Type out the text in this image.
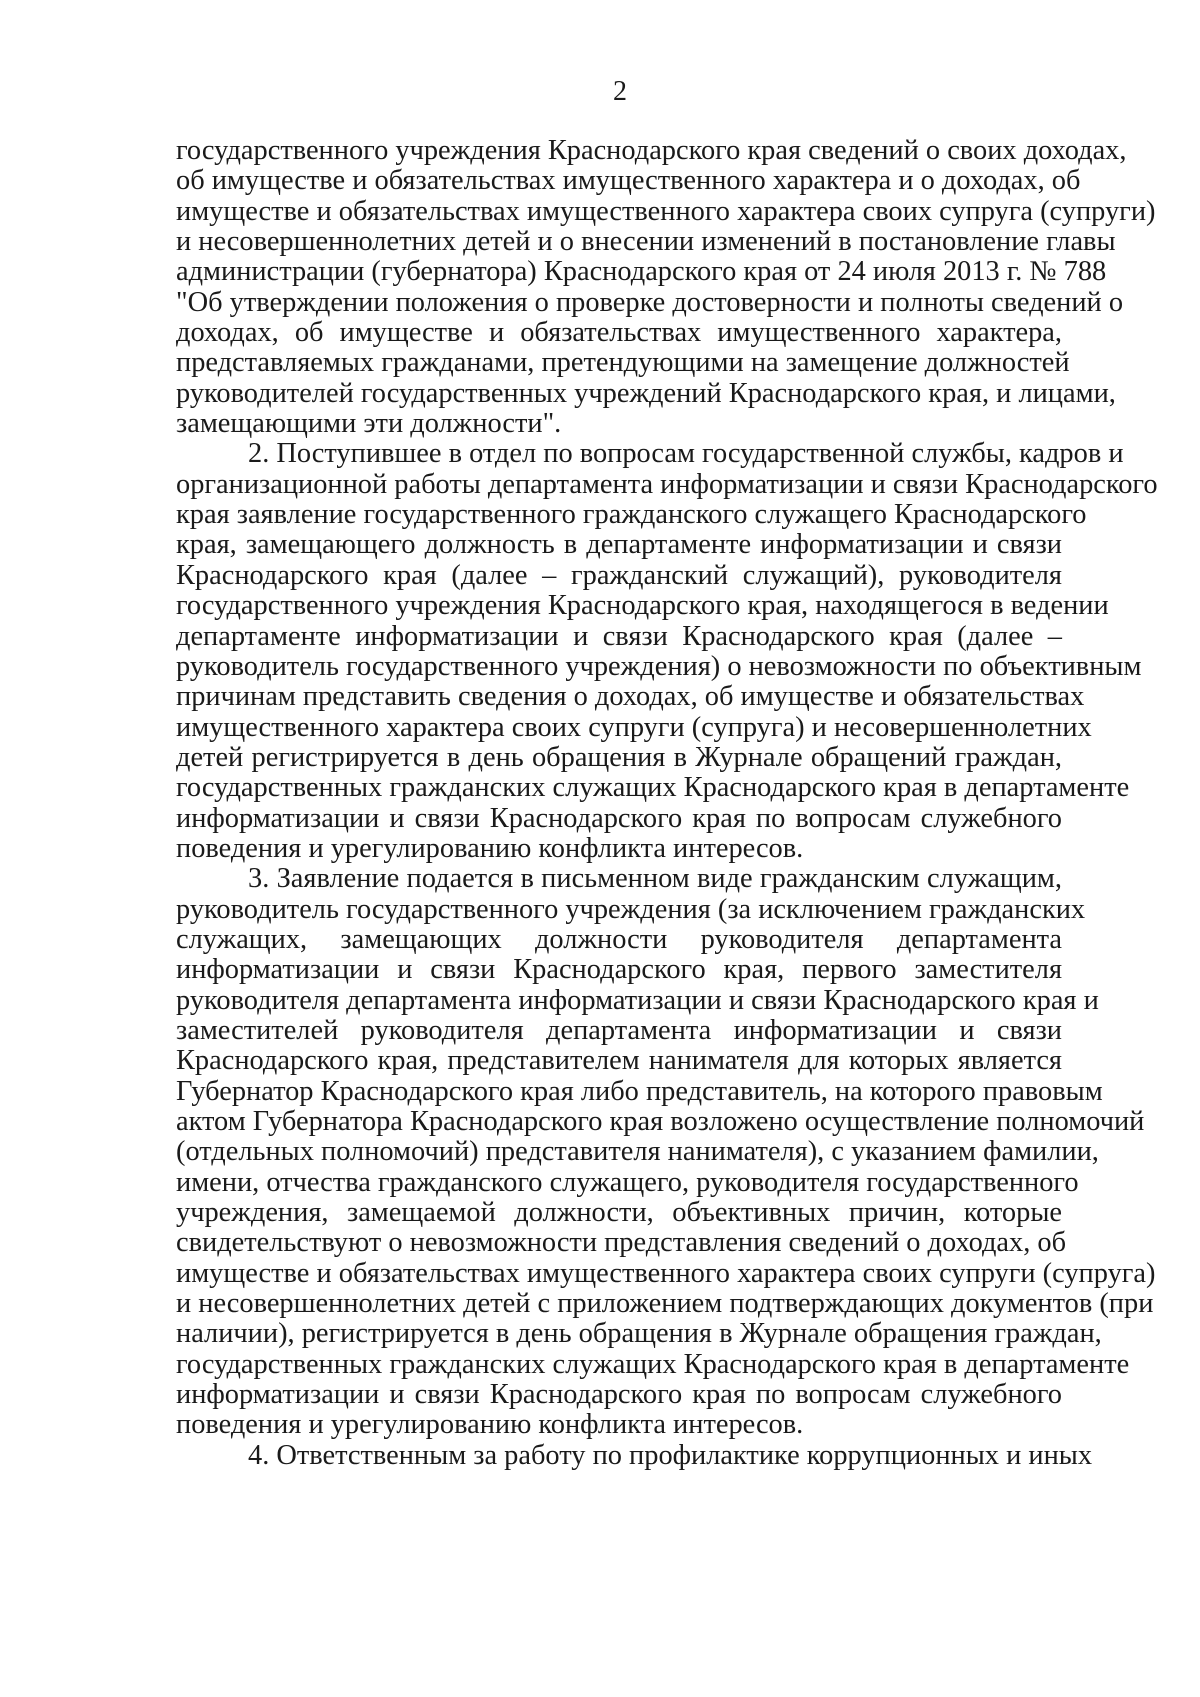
2

государственного учреждения Краснодарского края сведений о своих доходах,
об имуществе и обязательствах имущественного характера и о доходах, об
имуществе и обязательствах имущественного характера своих супруга (супруги)
и несовершеннолетних детей и о внесении изменений в постановление главы
администрации (губернатора) Краснодарского края от 24 июля 2013 г. № 788
"Об утверждении положения о проверке достоверности и полноты сведений о
доходах, об имуществе и обязательствах имущественного характера,
представляемых гражданами, претендующими на замещение должностей
руководителей государственных учреждений Краснодарского края, и лицами,
замещающими эти должности".

2. Поступившее в отдел по вопросам государственной службы, кадров и
организационной работы департамента информатизации и связи Краснодарского
края заявление государственного гражданского служащего Краснодарского
края, замещающего должность в департаменте информатизации и связи
Краснодарского края (далее – гражданский служащий), руководителя
государственного учреждения Краснодарского края, находящегося в ведении
департаменте информатизации и связи Краснодарского края (далее –
руководитель государственного учреждения) о невозможности по объективным
причинам представить сведения о доходах, об имуществе и обязательствах
имущественного характера своих супруги (супруга) и несовершеннолетних
детей регистрируется в день обращения в Журнале обращений граждан,
государственных гражданских служащих Краснодарского края в департаменте
информатизации и связи Краснодарского края по вопросам служебного
поведения и урегулированию конфликта интересов.

3. Заявление подается в письменном виде гражданским служащим,
руководитель государственного учреждения (за исключением гражданских
служащих, замещающих должности руководителя департамента
информатизации и связи Краснодарского края, первого заместителя
руководителя департамента информатизации и связи Краснодарского края и
заместителей руководителя департамента информатизации и связи
Краснодарского края, представителем нанимателя для которых является
Губернатор Краснодарского края либо представитель, на которого правовым
актом Губернатора Краснодарского края возложено осуществление полномочий
(отдельных полномочий) представителя нанимателя), с указанием фамилии,
имени, отчества гражданского служащего, руководителя государственного
учреждения, замещаемой должности, объективных причин, которые
свидетельствуют о невозможности представления сведений о доходах, об
имуществе и обязательствах имущественного характера своих супруги (супруга)
и несовершеннолетних детей с приложением подтверждающих документов (при
наличии), регистрируется в день обращения в Журнале обращения граждан,
государственных гражданских служащих Краснодарского края в департаменте
информатизации и связи Краснодарского края по вопросам служебного
поведения и урегулированию конфликта интересов.

4. Ответственным за работу по профилактике коррупционных и иных
